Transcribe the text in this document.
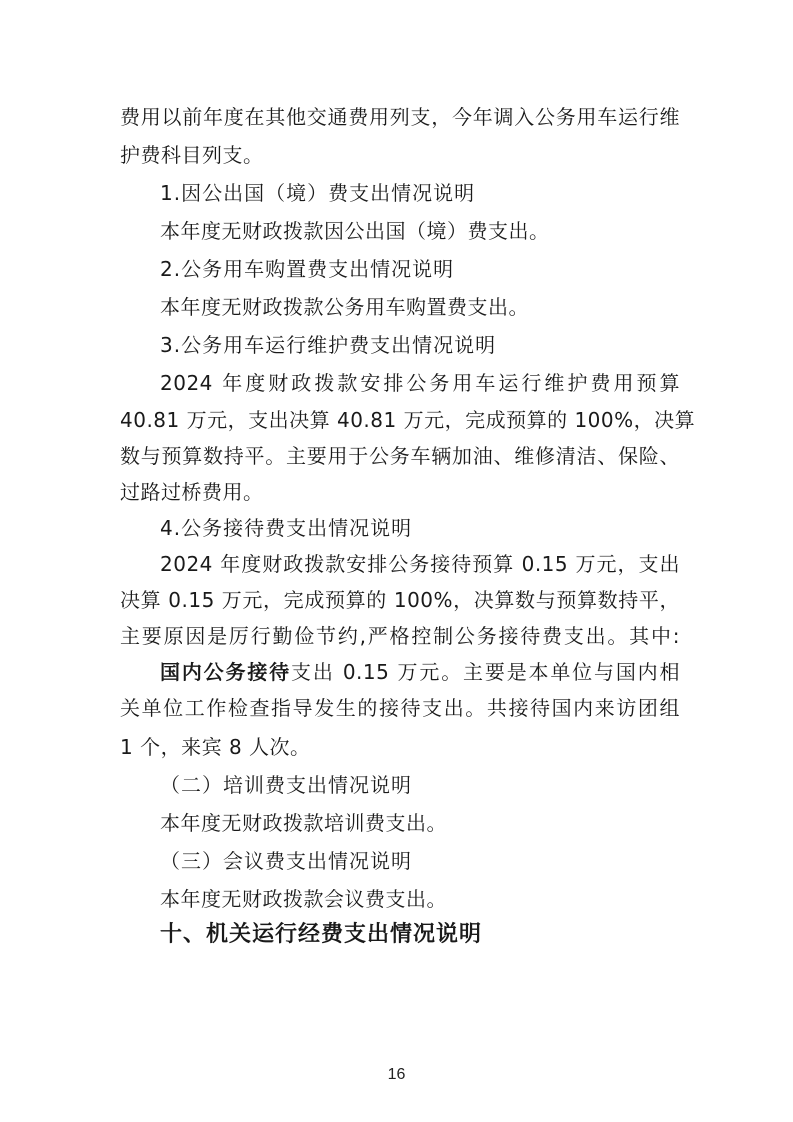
费用以前年度在其他交通费用列支，今年调入公务用车运行维
护费科目列支。
1.因公出国（境）费支出情况说明
本年度无财政拨款因公出国（境）费支出。
2.公务用车购置费支出情况说明
本年度无财政拨款公务用车购置费支出。
3.公务用车运行维护费支出情况说明
2024 年度财政拨款安排公务用车运行维护费用预算
40.81 万元，支出决算 40.81 万元，完成预算的 100%，决算
数与预算数持平。主要用于公务车辆加油、维修清洁、保险、
过路过桥费用。
4.公务接待费支出情况说明
2024 年度财政拨款安排公务接待预算 0.15 万元，支出
决算 0.15 万元，完成预算的 100%，决算数与预算数持平，
主要原因是厉行勤俭节约,严格控制公务接待费支出。其中:
国内公务接待支出 0.15 万元。主要是本单位与国内相
关单位工作检查指导发生的接待支出。共接待国内来访团组
1 个，来宾 8 人次。
（二）培训费支出情况说明
本年度无财政拨款培训费支出。
（三）会议费支出情况说明
本年度无财政拨款会议费支出。
十、机关运行经费支出情况说明
16
